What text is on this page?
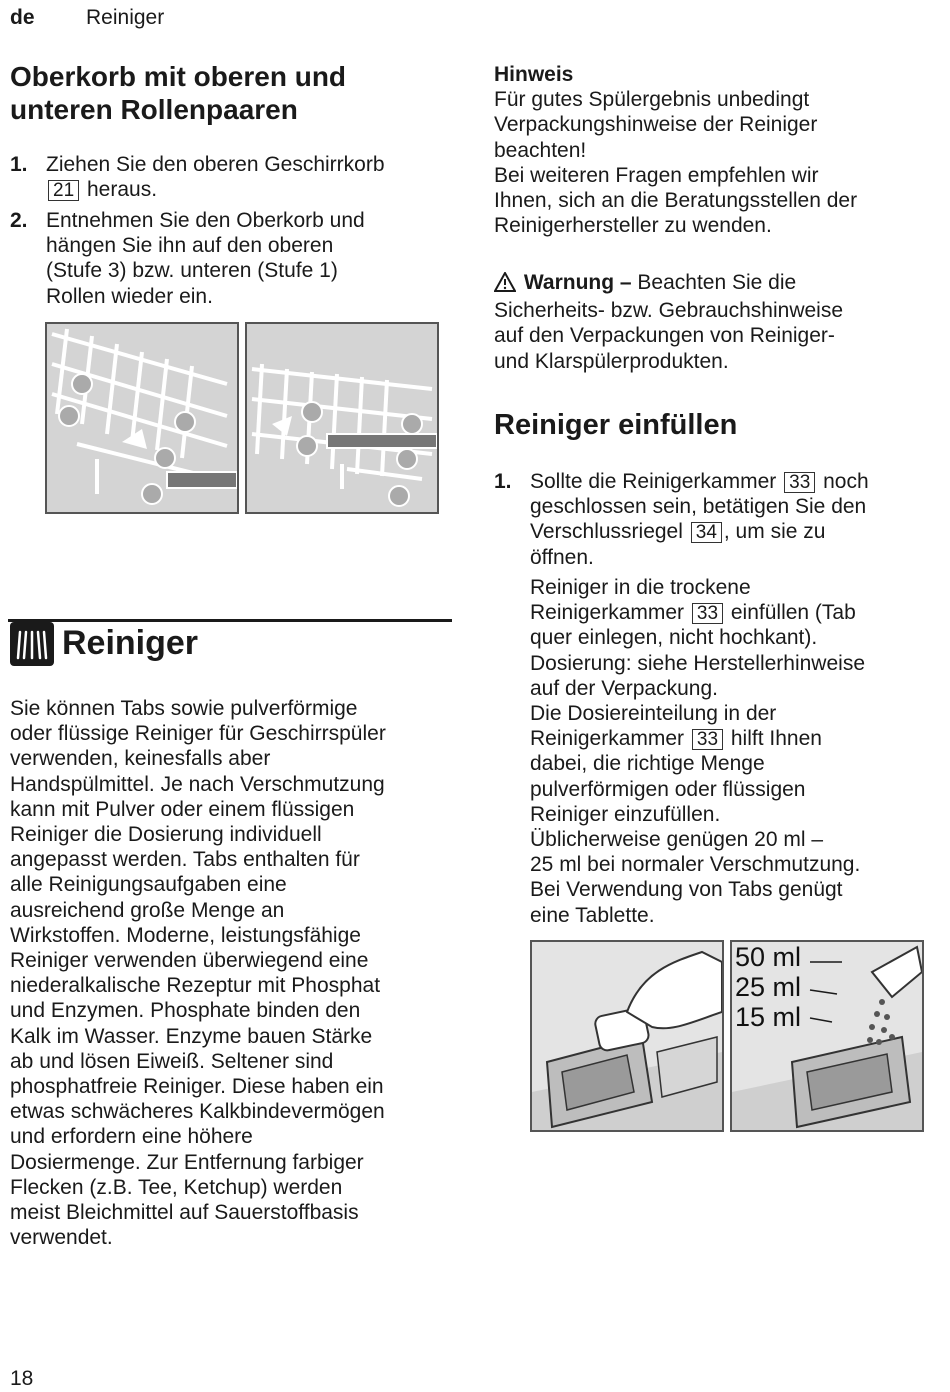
de Reiniger
Oberkorb mit oberen und
unteren Rollenpaaren
1. Ziehen Sie den oberen Geschirrkorb
21 heraus.
2. Entnehmen Sie den Oberkorb und
hängen Sie ihn auf den oberen
(Stufe 3) bzw. unteren (Stufe 1)
Rollen wieder ein.
Reiniger
Sie können Tabs sowie pulverförmige
oder flüssige Reiniger für Geschirrspüler
verwenden, keinesfalls aber
Handspülmittel. Je nach Verschmutzung
kann mit Pulver oder einem flüssigen
Reiniger die Dosierung individuell
angepasst werden. Tabs enthalten für
alle Reinigungsaufgaben eine
ausreichend große Menge an
Wirkstoffen. Moderne, leistungsfähige
Reiniger verwenden überwiegend eine
niederalkalische Rezeptur mit Phosphat
und Enzymen. Phosphate binden den
Kalk im Wasser. Enzyme bauen Stärke
ab und lösen Eiweiß. Seltener sind
phosphatfreie Reiniger. Diese haben ein
etwas schwächeres Kalkbindevermögen
und erfordern eine höhere
Dosiermenge. Zur Entfernung farbiger
Flecken (z.B. Tee, Ketchup) werden
meist Bleichmittel auf Sauerstoffbasis
verwendet.
18
Hinweis
Für gutes Spülergebnis unbedingt
Verpackungshinweise der Reiniger
beachten!
Bei weiteren Fragen empfehlen wir
Ihnen, sich an die Beratungsstellen der
Reinigerhersteller zu wenden.
Warnung – Beachten Sie die
Sicherheits- bzw. Gebrauchshinweise
auf den Verpackungen von Reiniger-
und Klarspülerprodukten.
Reiniger einfüllen
1. Sollte die Reinigerkammer 33 noch
geschlossen sein, betätigen Sie den
Verschlussriegel 34 , um sie zu
öffnen.
Reiniger in die trockene
Reinigerkammer 33 einfüllen (Tab
quer einlegen, nicht hochkant).
Dosierung: siehe Herstellerhinweise
auf der Verpackung.
Die Dosiereinteilung in der
Reinigerkammer 33 hilft Ihnen
dabei, die richtige Menge
pulverförmigen oder flüssigen
Reiniger einzufüllen.
Üblicherweise genügen 20 ml –
25 ml bei normaler Verschmutzung.
Bei Verwendung von Tabs genügt
eine Tablette.
50 ml
25 ml
15 ml
